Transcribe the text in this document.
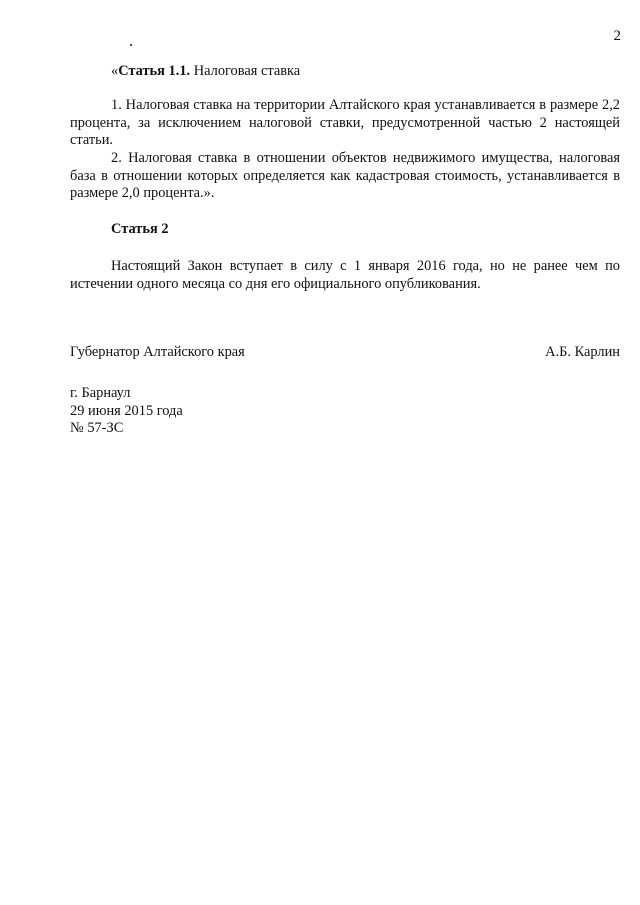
2
«Статья 1.1. Налоговая ставка

1. Налоговая ставка на территории Алтайского края устанавливается в размере 2,2 процента, за исключением налоговой ставки, предусмотренной частью 2 настоящей статьи.

2. Налоговая ставка в отношении объектов недвижимого имущества, налоговая база в отношении которых определяется как кадастровая стоимость, устанавливается в размере 2,0 процента.».

Статья 2

Настоящий Закон вступает в силу с 1 января 2016 года, но не ранее чем по истечении одного месяца со дня его официального опубликования.

Губернатор Алтайского края	А.Б. Карлин
г. Барнаул
29 июня 2015 года
№ 57-ЗС
